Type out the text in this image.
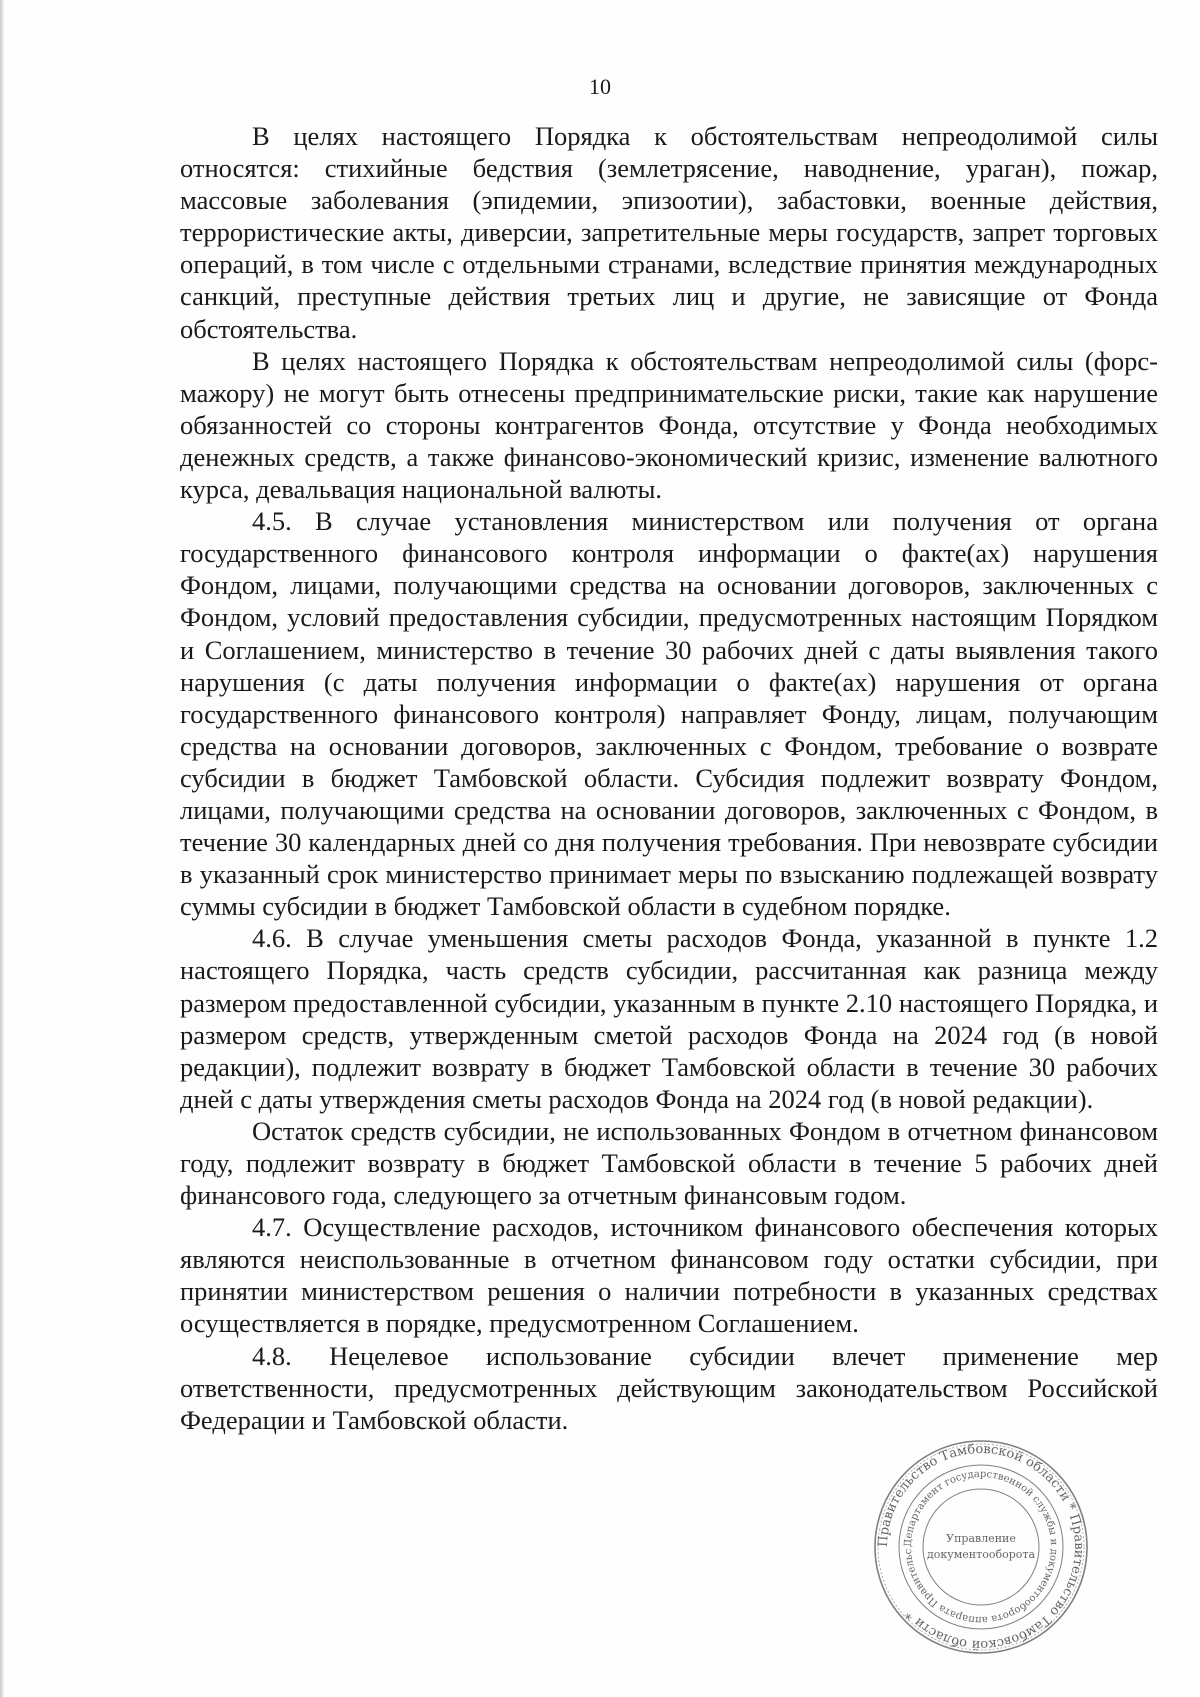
10

В целях настоящего Порядка к обстоятельствам непреодолимой силы относятся: стихийные бедствия (землетрясение, наводнение, ураган), пожар, массовые заболевания (эпидемии, эпизоотии), забастовки, военные действия, террористические акты, диверсии, запретительные меры государств, запрет торговых операций, в том числе с отдельными странами, вследствие принятия международных санкций, преступные действия третьих лиц и другие, не зависящие от Фонда обстоятельства.

В целях настоящего Порядка к обстоятельствам непреодолимой силы (форс-мажору) не могут быть отнесены предпринимательские риски, такие как нарушение обязанностей со стороны контрагентов Фонда, отсутствие у Фонда необходимых денежных средств, а также финансово-экономический кризис, изменение валютного курса, девальвация национальной валюты.

4.5. В случае установления министерством или получения от органа государственного финансового контроля информации о факте(ах) нарушения Фондом, лицами, получающими средства на основании договоров, заключенных с Фондом, условий предоставления субсидии, предусмотренных настоящим Порядком и Соглашением, министерство в течение 30 рабочих дней с даты выявления такого нарушения (с даты получения информации о факте(ах) нарушения от органа государственного финансового контроля) направляет Фонду, лицам, получающим средства на основании договоров, заключенных с Фондом, требование о возврате субсидии в бюджет Тамбовской области. Субсидия подлежит возврату Фондом, лицами, получающими средства на основании договоров, заключенных с Фондом, в течение 30 календарных дней со дня получения требования. При невозврате субсидии в указанный срок министерство принимает меры по взысканию подлежащей возврату суммы субсидии в бюджет Тамбовской области в судебном порядке.

4.6. В случае уменьшения сметы расходов Фонда, указанной в пункте 1.2 настоящего Порядка, часть средств субсидии, рассчитанная как разница между размером предоставленной субсидии, указанным в пункте 2.10 настоящего Порядка, и размером средств, утвержденным сметой расходов Фонда на 2024 год (в новой редакции), подлежит возврату в бюджет Тамбовской области в течение 30 рабочих дней с даты утверждения сметы расходов Фонда на 2024 год (в новой редакции).

Остаток средств субсидии, не использованных Фондом в отчетном финансовом году, подлежит возврату в бюджет Тамбовской области в течение 5 рабочих дней финансового года, следующего за отчетным финансовым годом.

4.7. Осуществление расходов, источником финансового обеспечения которых являются неиспользованные в отчетном финансовом году остатки субсидии, при принятии министерством решения о наличии потребности в указанных средствах осуществляется в порядке, предусмотренном Соглашением.

4.8. Нецелевое использование субсидии влечет применение мер ответственности, предусмотренных действующим законодательством Российской Федерации и Тамбовской области.

Правительство Тамбовской области * Правительство Тамбовской области *
Департамент государственной службы и документооборота аппарата Правительс
Управление
документооборота
